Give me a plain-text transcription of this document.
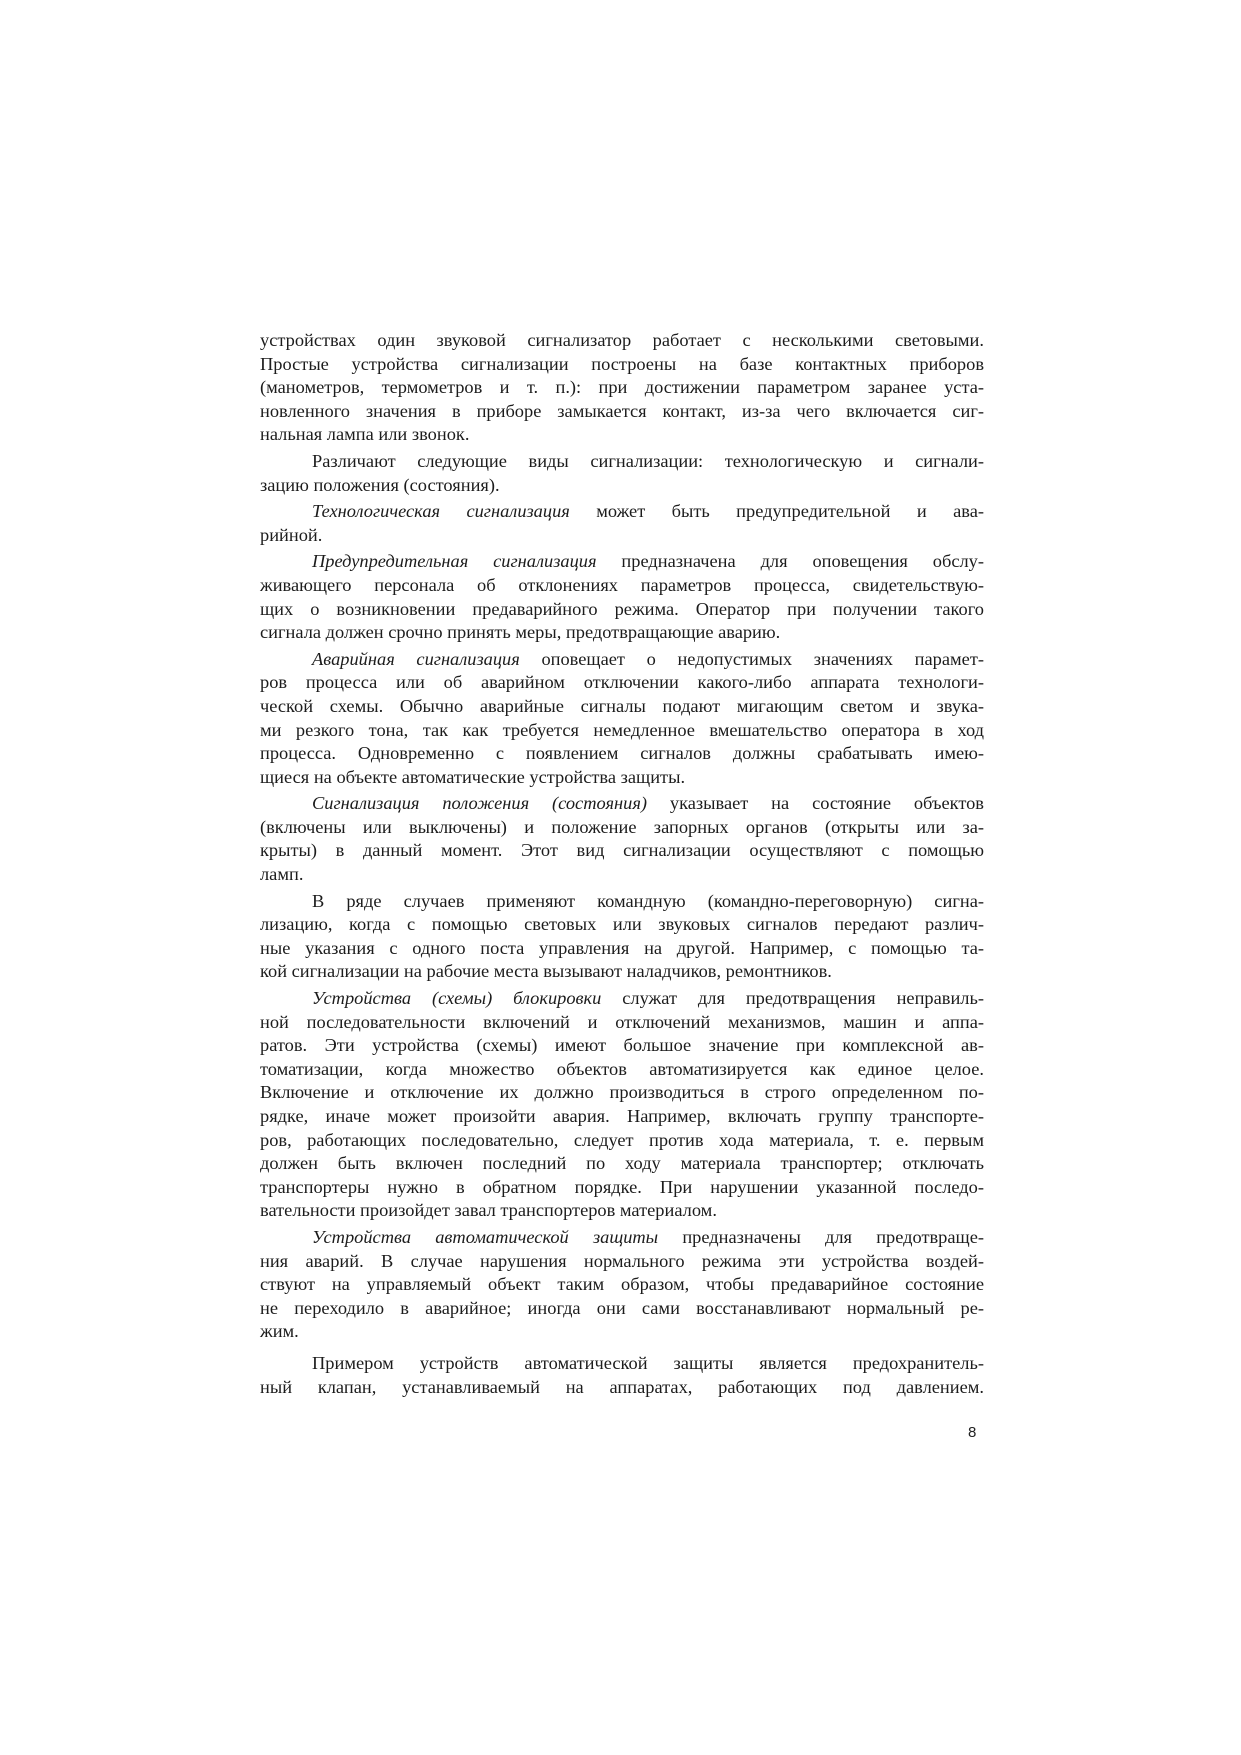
устройствах один звуковой сигнализатор работает с несколькими световыми.
Простые устройства сигнализации построены на базе контактных приборов
(манометров, термометров и т. п.): при достижении параметром заранее уста-
новленного значения в приборе замыкается контакт, из-за чего включается сиг-
нальная лампа или звонок.
Различают следующие виды сигнализации: технологическую и сигнали-
зацию положения (состояния).
Технологическая сигнализация может быть предупредительной и ава-
рийной.
Предупредительная сигнализация предназначена для оповещения обслу-
живающего персонала об отклонениях параметров процесса, свидетельствую-
щих о возникновении предаварийного режима. Оператор при получении такого
сигнала должен срочно принять меры, предотвращающие аварию.
Аварийная сигнализация оповещает о недопустимых значениях парамет-
ров процесса или об аварийном отключении какого-либо аппарата технологи-
ческой схемы. Обычно аварийные сигналы подают мигающим светом и звука-
ми резкого тона, так как требуется немедленное вмешательство оператора в ход
процесса. Одновременно с появлением сигналов должны срабатывать имею-
щиеся на объекте автоматические устройства защиты.
Сигнализация положения (состояния) указывает на состояние объектов
(включены или выключены) и положение запорных органов (открыты или за-
крыты) в данный момент. Этот вид сигнализации осуществляют с помощью
ламп.
В ряде случаев применяют командную (командно-переговорную) сигна-
лизацию, когда с помощью световых или звуковых сигналов передают различ-
ные указания с одного поста управления на другой. Например, с помощью та-
кой сигнализации на рабочие места вызывают наладчиков, ремонтников.
Устройства (схемы) блокировки служат для предотвращения неправиль-
ной последовательности включений и отключений механизмов, машин и аппа-
ратов. Эти устройства (схемы) имеют большое значение при комплексной ав-
томатизации, когда множество объектов автоматизируется как единое целое.
Включение и отключение их должно производиться в строго определенном по-
рядке, иначе может произойти авария. Например, включать группу транспорте-
ров, работающих последовательно, следует против хода материала, т. е. первым
должен быть включен последний по ходу материала транспортер; отключать
транспортеры нужно в обратном порядке. При нарушении указанной последо-
вательности произойдет завал транспортеров материалом.
Устройства автоматической защиты предназначены для предотвраще-
ния аварий. В случае нарушения нормального режима эти устройства воздей-
ствуют на управляемый объект таким образом, чтобы предаварийное состояние
не переходило в аварийное; иногда они сами восстанавливают нормальный ре-
жим.
Примером устройств автоматической защиты является предохранитель-
ный клапан, устанавливаемый на аппаратах, работающих под давлением.
8
